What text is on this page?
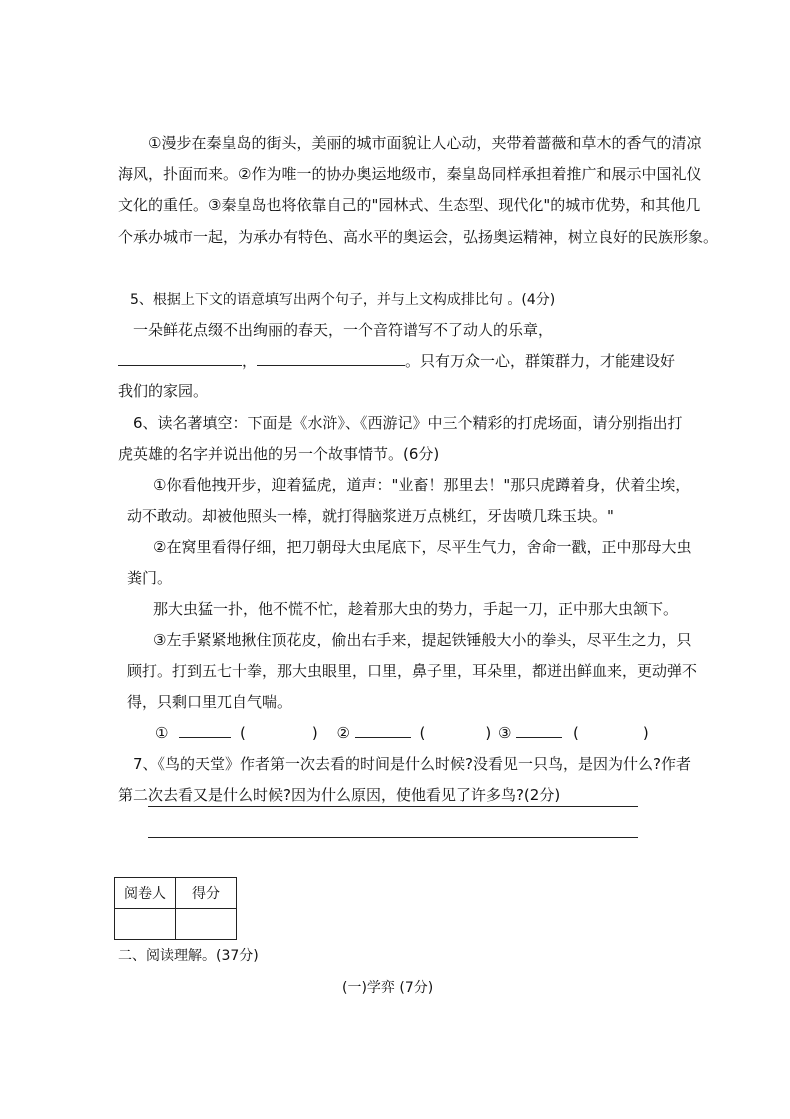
①漫步在秦皇岛的街头，美丽的城市面貌让人心动，夹带着蔷薇和草木的香气的清凉
海风，扑面而来。②作为唯一的协办奥运地级市，秦皇岛同样承担着推广和展示中国礼仪
文化的重任。③秦皇岛也将依靠自己的"园林式、生态型、现代化"的城市优势，和其他几
个承办城市一起，为承办有特色、高水平的奥运会，弘扬奥运精神，树立良好的民族形象。
5、根据上下文的语意填写出两个句子，并与上文构成排比句 。(4分)
一朵鲜花点缀不出绚丽的春天，一个音符谱写不了动人的乐章，
，	。只有万众一心，群策群力，才能建设好
我们的家园。
6、读名著填空：下面是《水浒》、《西游记》中三个精彩的打虎场面，请分别指出打
虎英雄的名字并说出他的另一个故事情节。(6分)
①你看他拽开步，迎着猛虎，道声："业畜！那里去！"那只虎蹲着身，伏着尘埃，
动不敢动。却被他照头一棒，就打得脑浆迸万点桃红，牙齿喷几珠玉块。"
②在窝里看得仔细，把刀朝母大虫尾底下，尽平生气力，舍命一戳，正中那母大虫
粪门。
那大虫猛一扑，他不慌不忙，趁着那大虫的势力，手起一刀，正中那大虫颔下。
③左手紧紧地揪住顶花皮，偷出右手来，提起铁锤般大小的拳头，尽平生之力，只
顾打。打到五七十拳，那大虫眼里，口里，鼻子里，耳朵里，都迸出鲜血来，更动弹不
得，只剩口里兀自气喘。
①	(	) ②	(	) ③	(	)
7、《鸟的天堂》作者第一次去看的时间是什么时候?没看见一只鸟，是因为什么?作者
第二次去看又是什么时候?因为什么原因，使他看见了许多鸟?(2分)
阅卷人	得分

二、阅读理解。(37分)
(一)学弈 (7分)
